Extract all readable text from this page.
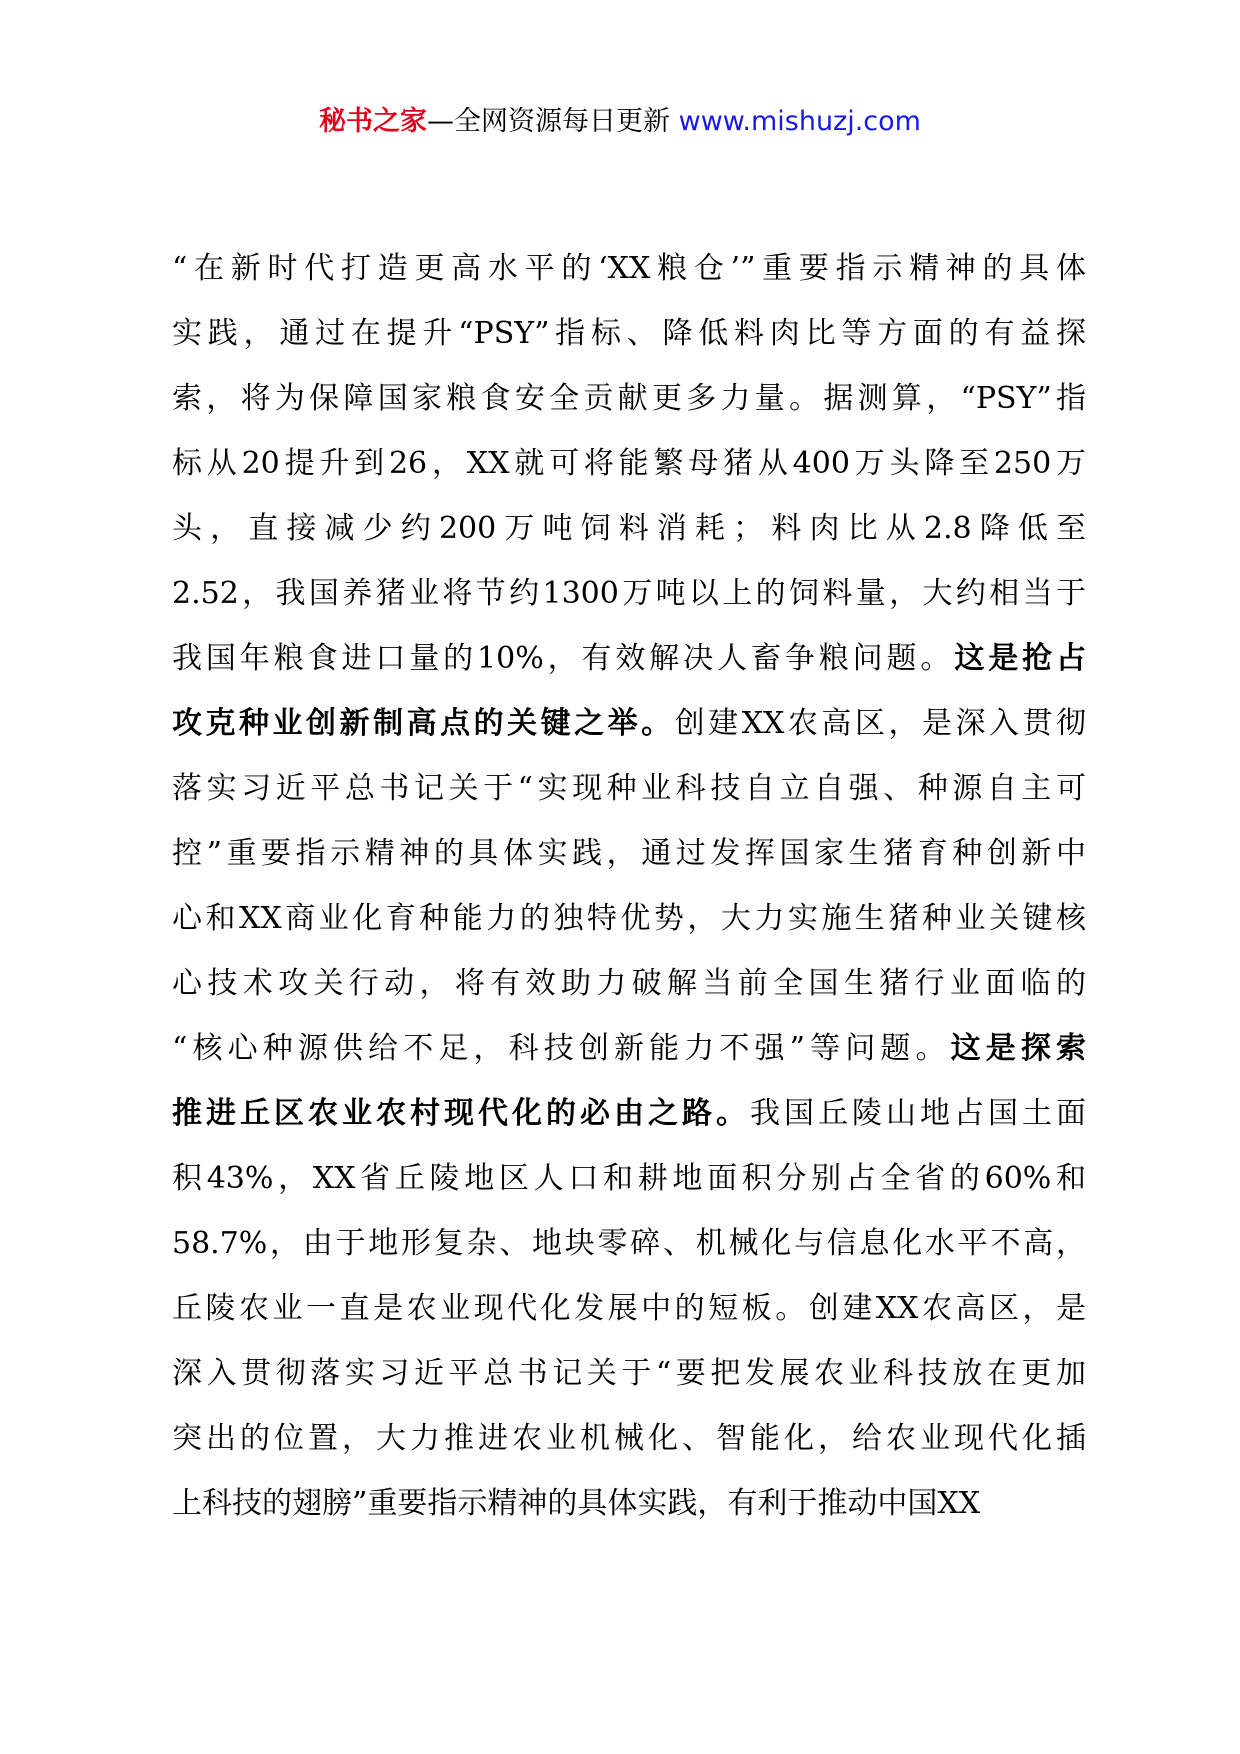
秘书之家—全网资源每日更新 www.mishuzj.com
“在新时代打造更高水平的‘XX粮仓’”重要指示精神的具体
实践，通过在提升“PSY”指标、降低料肉比等方面的有益探
索，将为保障国家粮食安全贡献更多力量。据测算，“PSY”指
标从20提升到26，XX就可将能繁母猪从400万头降至250万
头，直接减少约200万吨饲料消耗；料肉比从2.8降低至
2.52，我国养猪业将节约1300万吨以上的饲料量，大约相当于
我国年粮食进口量的10%，有效解决人畜争粮问题。这是抢占
攻克种业创新制高点的关键之举。创建XX农高区，是深入贯彻
落实习近平总书记关于“实现种业科技自立自强、种源自主可
控”重要指示精神的具体实践，通过发挥国家生猪育种创新中
心和XX商业化育种能力的独特优势，大力实施生猪种业关键核
心技术攻关行动，将有效助力破解当前全国生猪行业面临的
“核心种源供给不足，科技创新能力不强”等问题。这是探索
推进丘区农业农村现代化的必由之路。我国丘陵山地占国土面
积43%，XX省丘陵地区人口和耕地面积分别占全省的60%和
58.7%，由于地形复杂、地块零碎、机械化与信息化水平不高，
丘陵农业一直是农业现代化发展中的短板。创建XX农高区，是
深入贯彻落实习近平总书记关于“要把发展农业科技放在更加
突出的位置，大力推进农业机械化、智能化，给农业现代化插
上科技的翅膀”重要指示精神的具体实践，有利于推动中国XX
